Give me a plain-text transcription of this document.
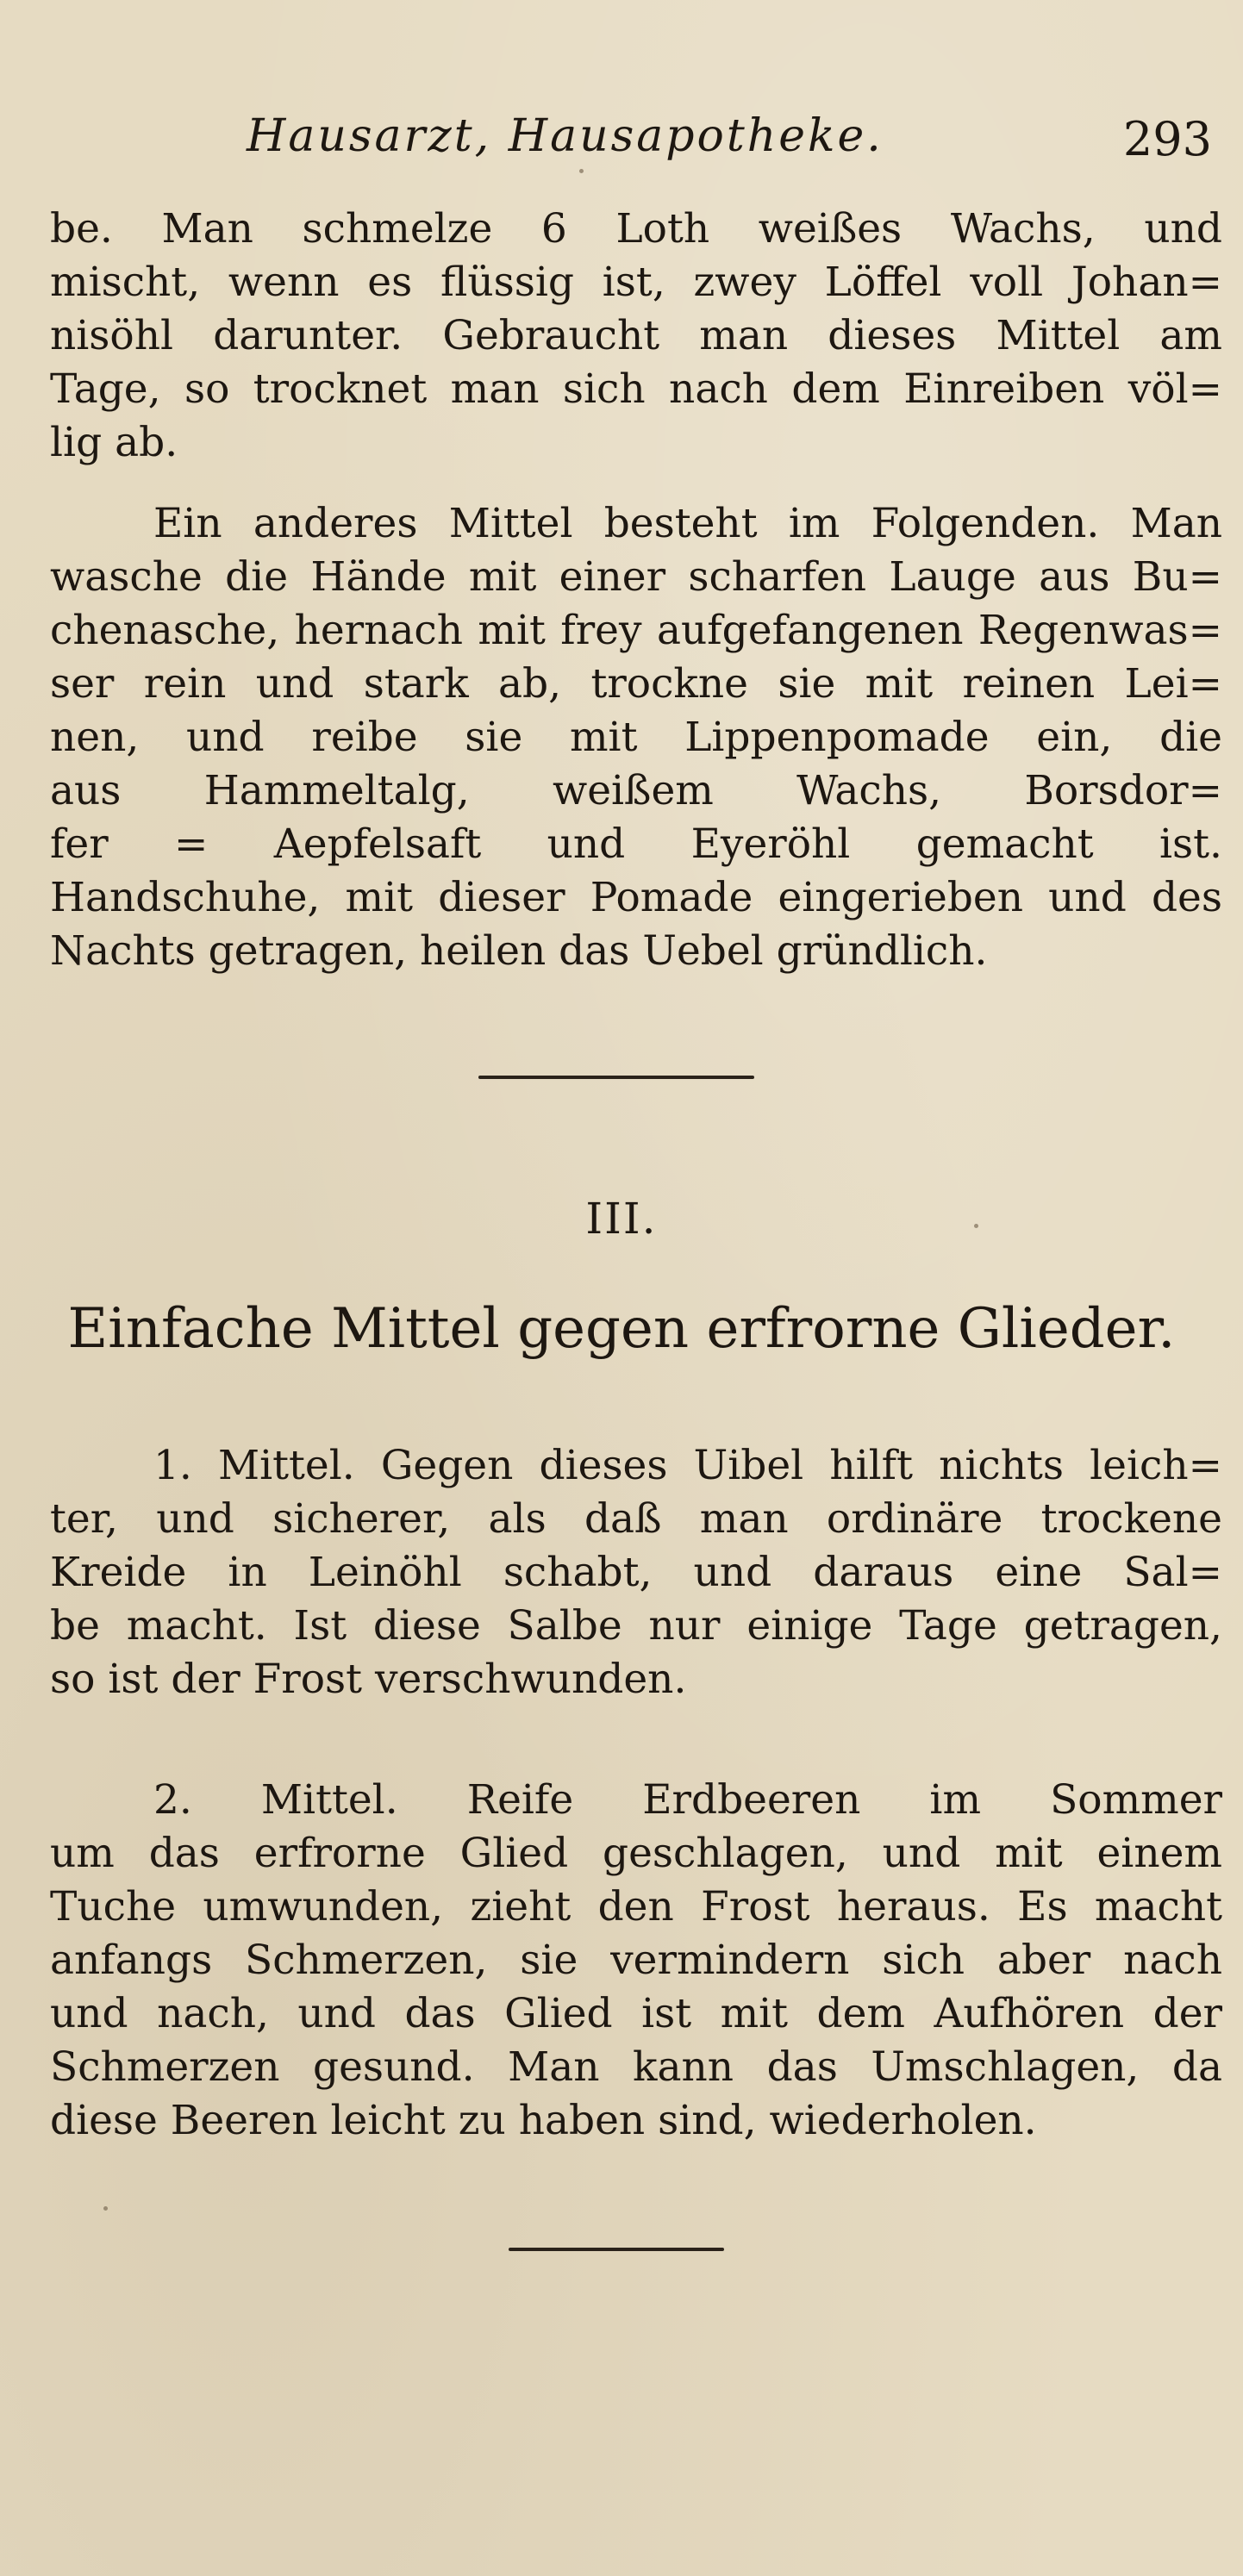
Hausarzt, Hausapotheke.	293
be. Man schmelze 6 Loth weißes Wachs, und
mischt, wenn es flüssig ist, zwey Löffel voll Johan=
nisöhl darunter. Gebraucht man dieses Mittel am
Tage, so trocknet man sich nach dem Einreiben völ=
lig ab.
Ein anderes Mittel besteht im Folgenden. Man
wasche die Hände mit einer scharfen Lauge aus Bu=
chenasche, hernach mit frey aufgefangenen Regenwas=
ser rein und stark ab, trockne sie mit reinen Lei=
nen, und reibe sie mit Lippenpomade ein, die
aus Hammeltalg, weißem Wachs, Borsdor=
fer = Aepfelsaft und Eyeröhl gemacht ist.
Handschuhe, mit dieser Pomade eingerieben und des
Nachts getragen, heilen das Uebel gründlich.
III.
Einfache Mittel gegen erfrorne Glieder.
1. Mittel. Gegen dieses Uibel hilft nichts leich=
ter, und sicherer, als daß man ordinäre trockene
Kreide in Leinöhl schabt, und daraus eine Sal=
be macht. Ist diese Salbe nur einige Tage getragen,
so ist der Frost verschwunden.
2. Mittel. Reife Erdbeeren im Sommer
um das erfrorne Glied geschlagen, und mit einem
Tuche umwunden, zieht den Frost heraus. Es macht
anfangs Schmerzen, sie vermindern sich aber nach
und nach, und das Glied ist mit dem Aufhören der
Schmerzen gesund. Man kann das Umschlagen, da
diese Beeren leicht zu haben sind, wiederholen.
